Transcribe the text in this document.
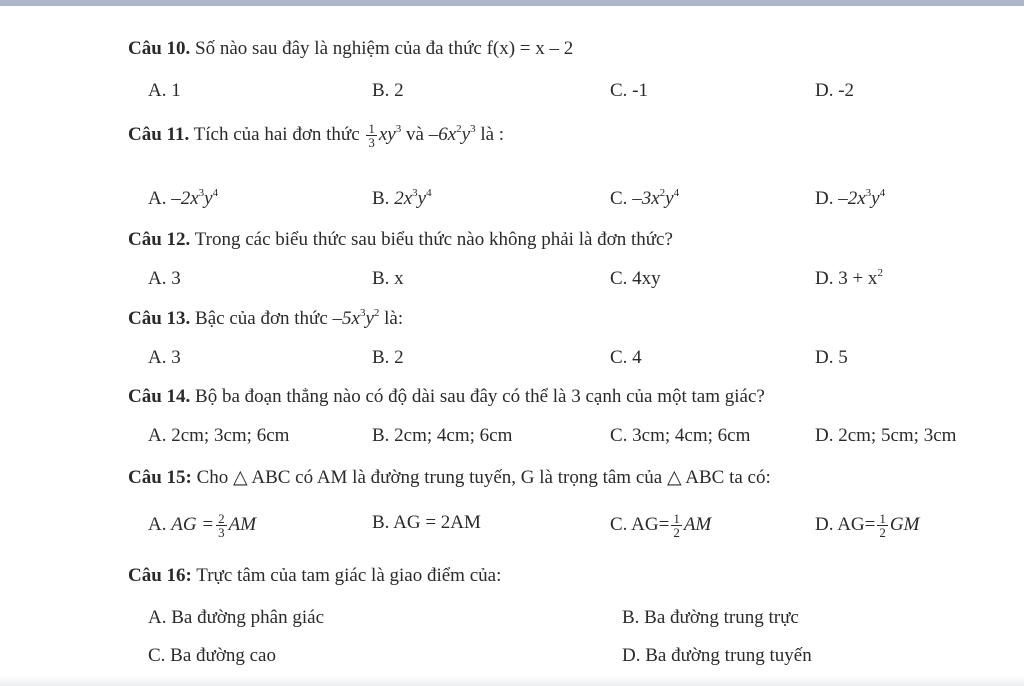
Câu 10. Số nào sau đây là nghiệm của đa thức f(x) = x – 2
A. 1	B. 2	C. -1	D. -2
Câu 11. Tích của hai đơn thức $\frac{1}{3} xy^3$ và $-6x^2y^3$ là :
A. $-2x^3y^4$	B. $2x^3y^4$	C. $-3x^2y^4$	D. $-2x^3y^4$
Câu 12. Trong các biểu thức sau biểu thức nào không phải là đơn thức?
A. 3	B. x	C. 4xy	D. $3 + x^2$
Câu 13. Bậc của đơn thức $-5x^3y^2$ là:
A. 3	B. 2	C. 4	D. 5
Câu 14. Bộ ba đoạn thẳng nào có độ dài sau đây có thể là 3 cạnh của một tam giác?
A. 2cm; 3cm; 6cm	B. 2cm; 4cm; 6cm	C. 3cm; 4cm; 6cm	D. 2cm; 5cm; 3cm
Câu 15: Cho △ ABC có AM là đường trung tuyến, G là trọng tâm của △ ABC ta có:
A. AG = $\frac{2}{3}$ AM	B. AG = 2AM	C. $AG= \frac{1}{2}$ AM	D. $AG= \frac{1}{2}$ GM
Câu 16: Trực tâm của tam giác là giao điểm của:
A. Ba đường phân giác	B. Ba đường trung trực
C. Ba đường cao	D. Ba đường trung tuyến
